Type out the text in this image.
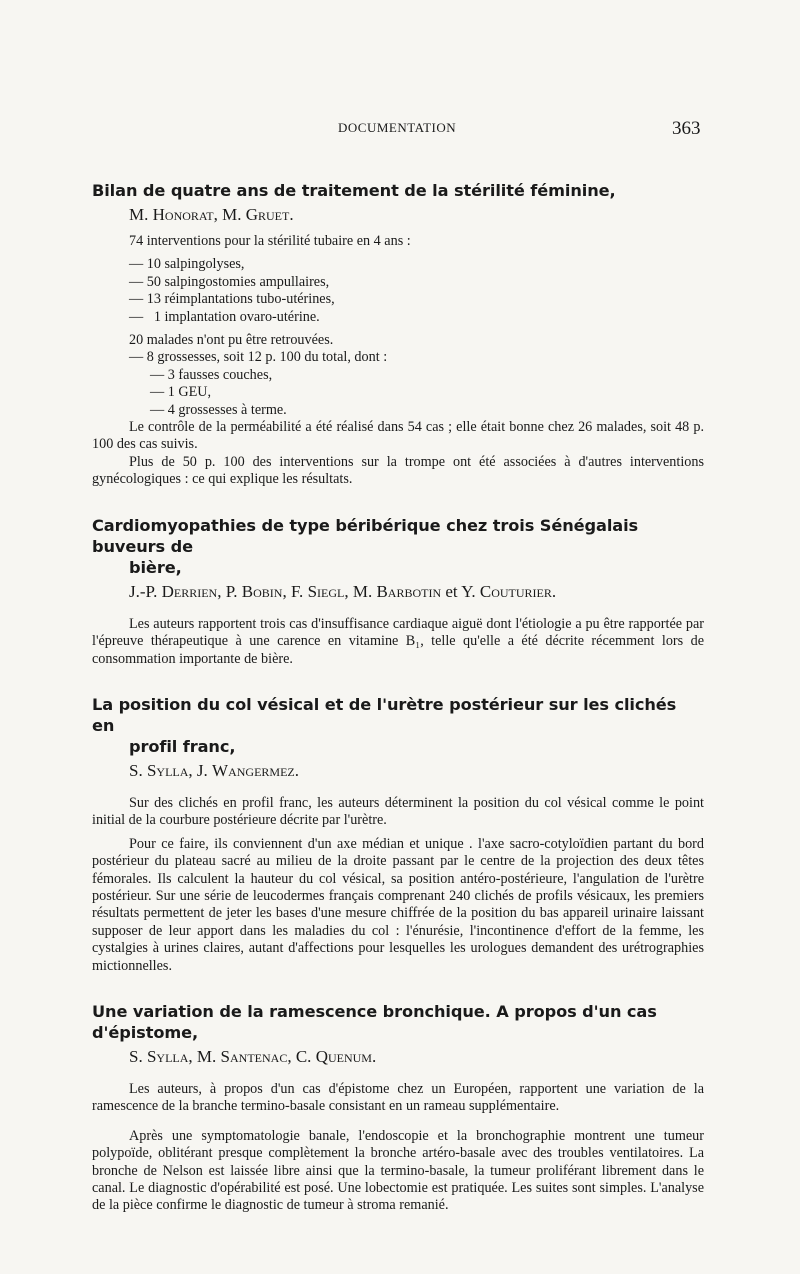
DOCUMENTATION	363
Bilan de quatre ans de traitement de la stérilité féminine,
M. Honorat, M. Gruet.

74 interventions pour la stérilité tubaire en 4 ans :

— 10 salpingolyses,
— 50 salpingostomies ampullaires,
— 13 réimplantations tubo-utérines,
—   1 implantation ovaro-utérine.

20 malades n'ont pu être retrouvées.

— 8 grossesses, soit 12 p. 100 du total, dont :
— 3 fausses couches,
— 1 GEU,
— 4 grossesses à terme.

Le contrôle de la perméabilité a été réalisé dans 54 cas ; elle était bonne chez 26 malades, soit 48 p. 100 des cas suivis.

Plus de 50 p. 100 des interventions sur la trompe ont été associées à d'autres interventions gynécologiques : ce qui explique les résultats.

Cardiomyopathies de type béribérique chez trois Sénégalais buveurs de
bière,
J.-P. Derrien, P. Bobin, F. Siegl, M. Barbotin et Y. Couturier.

Les auteurs rapportent trois cas d'insuffisance cardiaque aiguë dont l'étiologie a pu être rapportée par l'épreuve thérapeutique à une carence en vitamine B₁, telle qu'elle a été décrite récemment lors de consommation importante de bière.

La position du col vésical et de l'urètre postérieur sur les clichés en
profil franc,
S. Sylla, J. Wangermez.

Sur des clichés en profil franc, les auteurs déterminent la position du col vésical comme le point initial de la courbure postérieure décrite par l'urètre.

Pour ce faire, ils conviennent d'un axe médian et unique . l'axe sacro-cotyloïdien partant du bord postérieur du plateau sacré au milieu de la droite passant par le centre de la projection des deux têtes fémorales. Ils calculent la hauteur du col vésical, sa position antéro-postérieure, l'angulation de l'urètre postérieur. Sur une série de leucodermes français comprenant 240 clichés de profils vésicaux, les premiers résultats permettent de jeter les bases d'une mesure chiffrée de la position du bas appareil urinaire laissant supposer de leur apport dans les maladies du col : l'énurésie, l'incontinence d'effort de la femme, les cystalgies à urines claires, autant d'affections pour lesquelles les urologues demandent des urétrographies mictionnelles.

Une variation de la ramescence bronchique. A propos d'un cas d'épistome,
S. Sylla, M. Santenac, C. Quenum.

Les auteurs, à propos d'un cas d'épistome chez un Européen, rapportent une variation de la ramescence de la branche termino-basale consistant en un rameau supplémentaire.

Après une symptomatologie banale, l'endoscopie et la bronchographie montrent une tumeur polypoïde, oblitérant presque complètement la bronche artéro-basale avec des troubles ventilatoires. La bronche de Nelson est laissée libre ainsi que la termino-basale, la tumeur proliférant librement dans le canal. Le diagnostic d'opérabilité est posé. Une lobectomie est pratiquée. Les suites sont simples. L'analyse de la pièce confirme le diagnostic de tumeur à stroma remanié.
